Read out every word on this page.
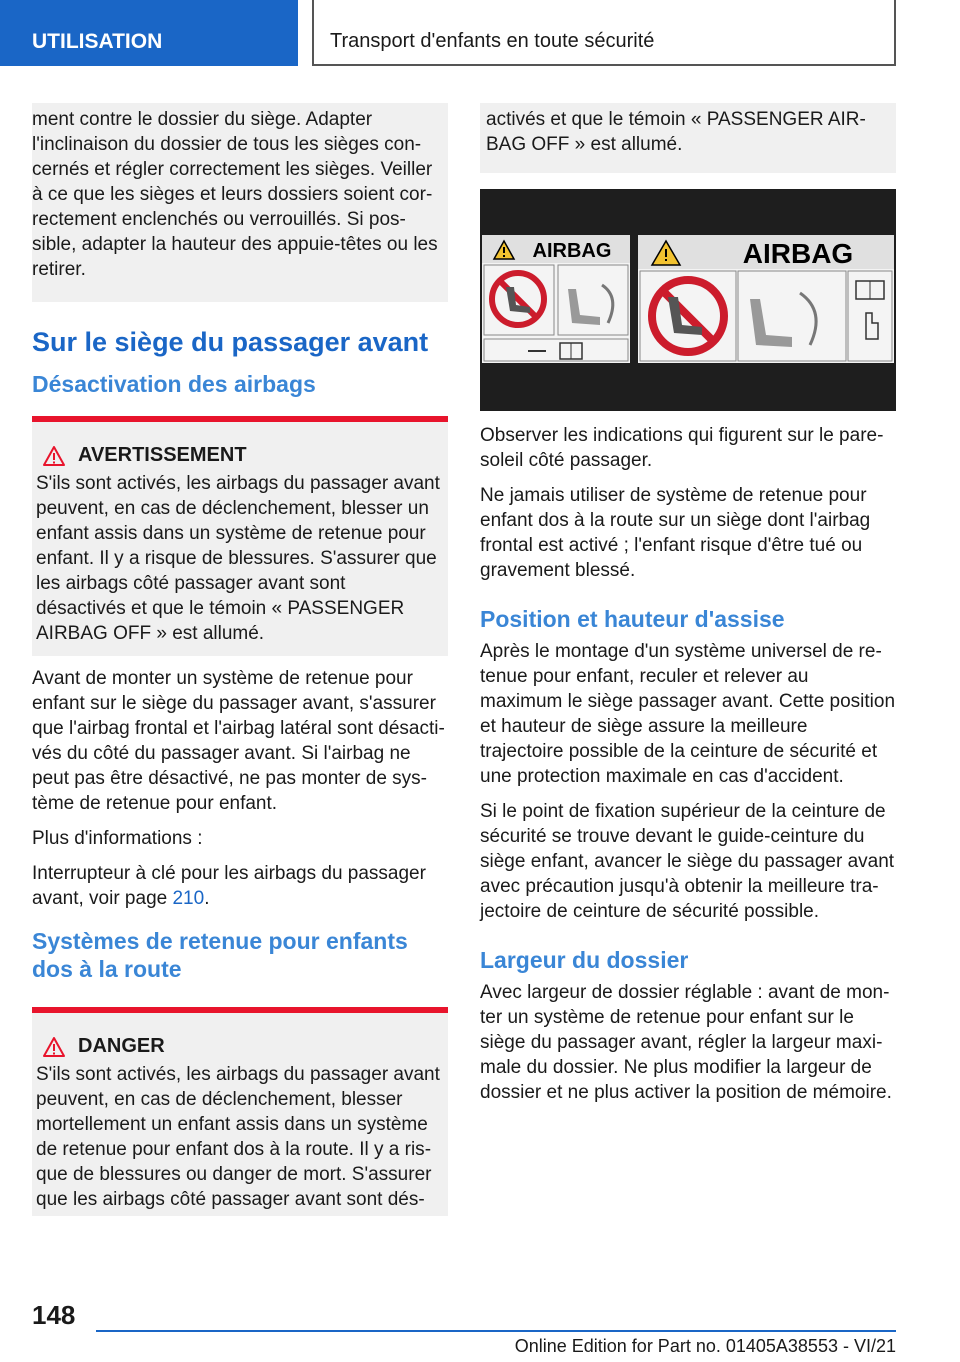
UTILISATION	Transport d'enfants en toute sécurité
ment contre le dossier du siège. Adapter l'inclinaison du dossier de tous les sièges concernés et régler correctement les sièges. Veiller à ce que les sièges et leurs dossiers soient correctement enclenchés ou verrouillés. Si possible, adapter la hauteur des appuie-têtes ou les retirer.
Sur le siège du passager avant
Désactivation des airbags
AVERTISSEMENT
S'ils sont activés, les airbags du passager avant peuvent, en cas de déclenchement, blesser un enfant assis dans un système de retenue pour enfant. Il y a risque de blessures. S'assurer que les airbags côté passager avant sont désactivés et que le témoin « PASSENGER AIRBAG OFF » est allumé.

Avant de monter un système de retenue pour enfant sur le siège du passager avant, s'assurer que l'airbag frontal et l'airbag latéral sont désactivés du côté du passager avant. Si l'airbag ne peut pas être désactivé, ne pas monter de système de retenue pour enfant.

Plus d'informations :

Interrupteur à clé pour les airbags du passager avant, voir page 210.

Systèmes de retenue pour enfants dos à la route
DANGER
S'ils sont activés, les airbags du passager avant peuvent, en cas de déclenchement, blesser mortellement un enfant assis dans un système de retenue pour enfant dos à la route. Il y a risque de blessures ou danger de mort. S'assurer que les airbags côté passager avant sont dés-
activés et que le témoin « PASSENGER AIRBAG OFF » est allumé.
AIRBAG	AIRBAG

Observer les indications qui figurent sur le pare-soleil côté passager.

Ne jamais utiliser de système de retenue pour enfant dos à la route sur un siège dont l'airbag frontal est activé ; l'enfant risque d'être tué ou gravement blessé.

Position et hauteur d'assise

Après le montage d'un système universel de retenue pour enfant, reculer et relever au maximum le siège passager avant. Cette position et hauteur de siège assure la meilleure trajectoire possible de la ceinture de sécurité et une protection maximale en cas d'accident.

Si le point de fixation supérieur de la ceinture de sécurité se trouve devant le guide-ceinture du siège enfant, avancer le siège du passager avant avec précaution jusqu'à obtenir la meilleure trajectoire de ceinture de sécurité possible.

Largeur du dossier

Avec largeur de dossier réglable : avant de monter un système de retenue pour enfant sur le siège du passager avant, régler la largeur maximale du dossier. Ne plus modifier la largeur de dossier et ne plus activer la position de mémoire.

148
Online Edition for Part no. 01405A38553 - VI/21
